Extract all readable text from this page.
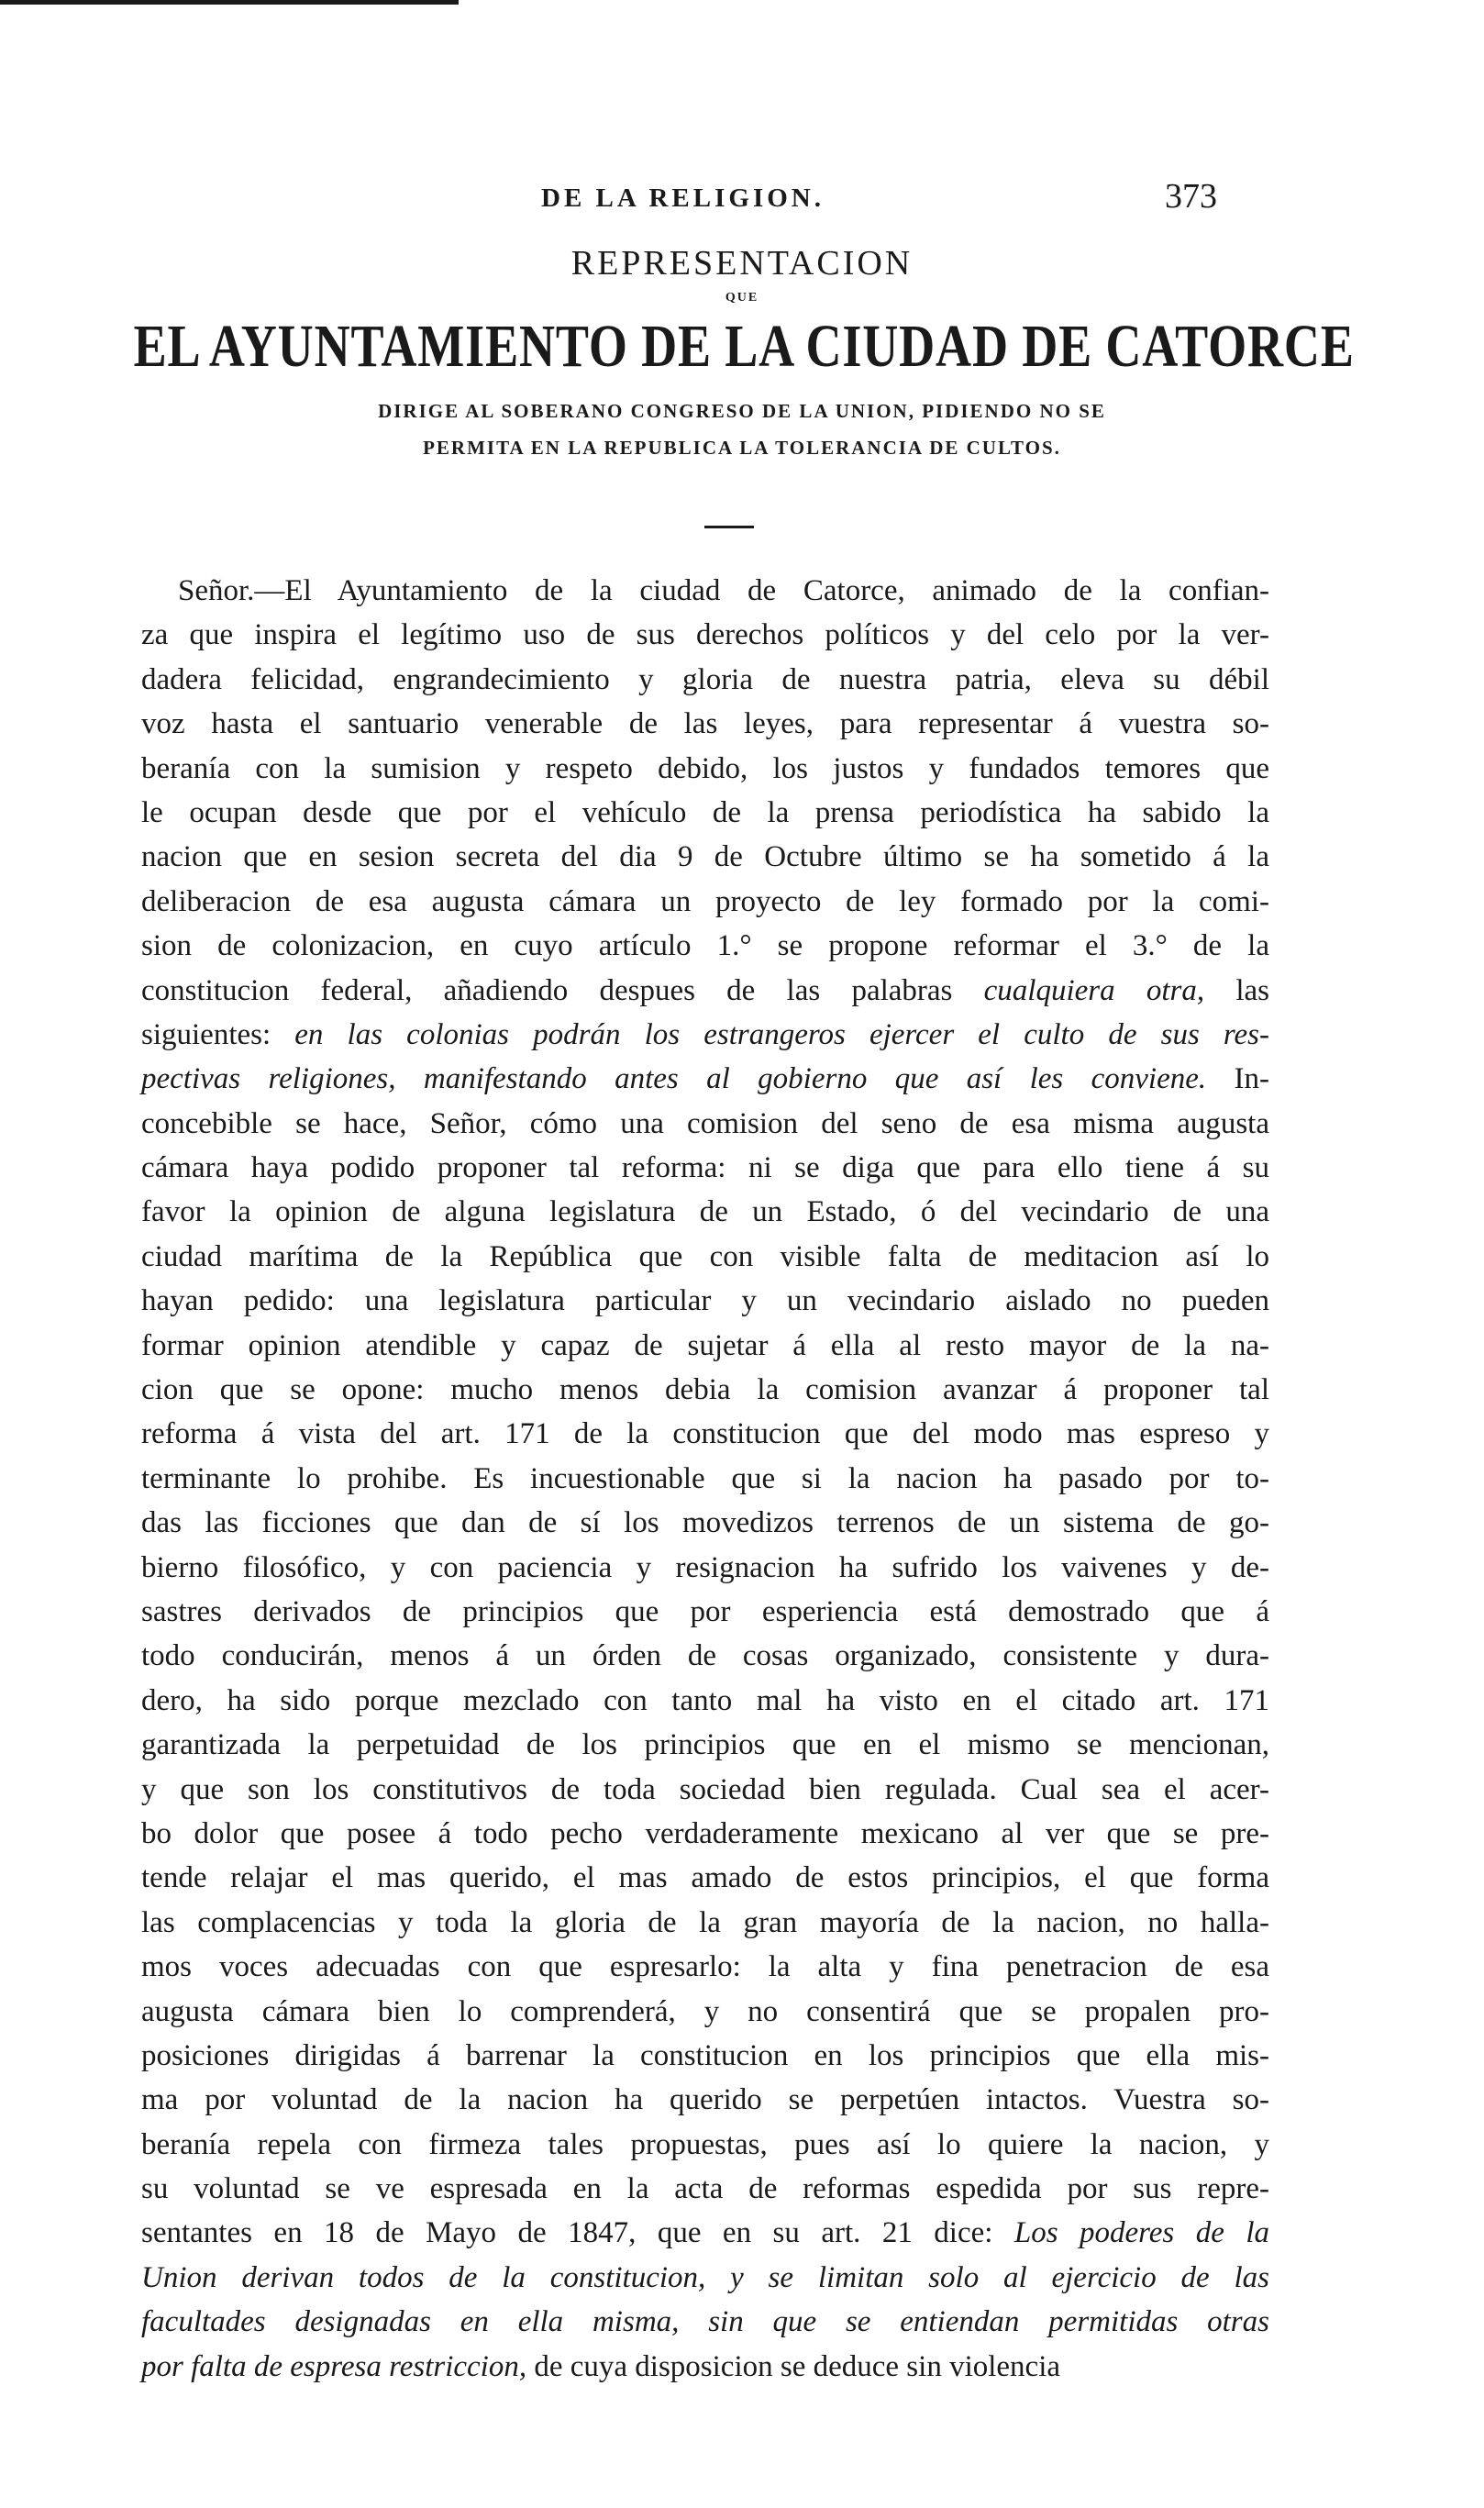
DE LA RELIGION.	373
REPRESENTACION
QUE
EL AYUNTAMIENTO DE LA CIUDAD DE CATORCE
DIRIGE AL SOBERANO CONGRESO DE LA UNION, PIDIENDO NO SE
PERMITA EN LA REPUBLICA LA TOLERANCIA DE CULTOS.
Señor.—El Ayuntamiento de la ciudad de Catorce, animado de la confian-
za que inspira el legítimo uso de sus derechos políticos y del celo por la ver-
dadera felicidad, engrandecimiento y gloria de nuestra patria, eleva su débil
voz hasta el santuario venerable de las leyes, para representar á vuestra so-
beranía con la sumision y respeto debido, los justos y fundados temores que
le ocupan desde que por el vehículo de la prensa periodística ha sabido la
nacion que en sesion secreta del dia 9 de Octubre último se ha sometido á la
deliberacion de esa augusta cámara un proyecto de ley formado por la comi-
sion de colonizacion, en cuyo artículo 1.° se propone reformar el 3.° de la
constitucion federal, añadiendo despues de las palabras cualquiera otra, las
siguientes: en las colonias podrán los estrangeros ejercer el culto de sus res-
pectivas religiones, manifestando antes al gobierno que así les conviene. In-
concebible se hace, Señor, cómo una comision del seno de esa misma augusta
cámara haya podido proponer tal reforma: ni se diga que para ello tiene á su
favor la opinion de alguna legislatura de un Estado, ó del vecindario de una
ciudad marítima de la República que con visible falta de meditacion así lo
hayan pedido: una legislatura particular y un vecindario aislado no pueden
formar opinion atendible y capaz de sujetar á ella al resto mayor de la na-
cion que se opone: mucho menos debia la comision avanzar á proponer tal
reforma á vista del art. 171 de la constitucion que del modo mas espreso y
terminante lo prohibe. Es incuestionable que si la nacion ha pasado por to-
das las ficciones que dan de sí los movedizos terrenos de un sistema de go-
bierno filosófico, y con paciencia y resignacion ha sufrido los vaivenes y de-
sastres derivados de principios que por esperiencia está demostrado que á
todo conducirán, menos á un órden de cosas organizado, consistente y dura-
dero, ha sido porque mezclado con tanto mal ha visto en el citado art. 171
garantizada la perpetuidad de los principios que en el mismo se mencionan,
y que son los constitutivos de toda sociedad bien regulada. Cual sea el acer-
bo dolor que posee á todo pecho verdaderamente mexicano al ver que se pre-
tende relajar el mas querido, el mas amado de estos principios, el que forma
las complacencias y toda la gloria de la gran mayoría de la nacion, no halla-
mos voces adecuadas con que espresarlo: la alta y fina penetracion de esa
augusta cámara bien lo comprenderá, y no consentirá que se propalen pro-
posiciones dirigidas á barrenar la constitucion en los principios que ella mis-
ma por voluntad de la nacion ha querido se perpetúen intactos. Vuestra so-
beranía repela con firmeza tales propuestas, pues así lo quiere la nacion, y
su voluntad se ve espresada en la acta de reformas espedida por sus repre-
sentantes en 18 de Mayo de 1847, que en su art. 21 dice: Los poderes de la
Union derivan todos de la constitucion, y se limitan solo al ejercicio de las
facultades designadas en ella misma, sin que se entiendan permitidas otras
por falta de espresa restriccion, de cuya disposicion se deduce sin violencia
